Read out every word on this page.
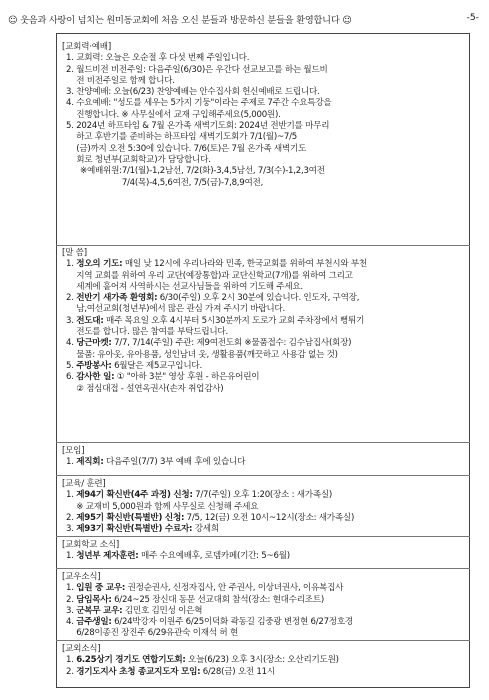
☺ 웃음과 사랑이 넘치는 원미동교회에 처음 오신 분들과 방문하신 분들을 환영합니다 ☺	-5-
[교회력·예배]
1. 교회력: 오늘은 오순절 후 다섯 번째 주일입니다.
2. 월드비전 비전주일: 다음주일(6/30)은 우간다 선교보고를 하는 월드비
전 비전주일로 함께 합니다.
3. 찬양예배: 오늘(6/23) 찬양예배는 안수집사회 헌신예배로 드립니다.
4. 수요예배: "성도를 세우는 5가지 기둥"이라는 주제로 7주간 수요특강을
진행합니다. ※ 사무실에서 교재 구입해주세요(5,000원).
5. 2024년 하프타임 & 7월 온가족 새벽기도회: 2024년 전반기를 마무리
하고 후반기를 준비하는 하프타임 새벽기도회가 7/1(월)~7/5
(금)까지 오전 5:30에 있습니다. 7/6(토)은 7월 온가족 새벽기도
회로 청년부(교회학교)가 담당합니다.
※예배위원: 7/1(월)-1,2남선, 7/2(화)-3,4,5남선, 7/3(수)-1,2,3여전
7/4(목)-4,5,6여전, 7/5(금)-7,8,9여전,
[말 씀]
1. 정오의 기도: 매일 낮 12시에 우리나라와 민족, 한국교회를 위하여 부천시와 부천
지역 교회를 위하여 우리 교단(예장통합)과 교단신학교(7개)를 위하여 그리고
세계에 흩어져 사역하시는 선교사님들을 위하여 기도해 주세요.
2. 전반기 새가족 환영회: 6/30(주일) 오후 2시 30분에 있습니다. 인도자, 구역장,
남,여선교회(청년부)에서 많은 관심 가져 주시기 바랍니다.
3. 전도대: 매주 목요일 오후 4시부터 5시30분까지 도로가 교회 주차장에서 뻥튀기
전도를 합니다. 많은 참여를 부탁드립니다.
4. 당근마켓: 7/7, 7/14(주일) 주관: 제9여전도회 ※물품접수: 김수남집사(회장)
물품: 유아옷, 유아용품, 성인남녀 옷, 생활용품(깨끗하고 사용감 없는 것)
5. 주방봉사: 6월달은 제5교구입니다.
6. 감사한 일: ① "아하 3분" 영상 후원 - 하은유어린이
② 점심대접 - 설연옥권사(손자 취업감사)
[모임]
1. 제직회: 다음주일(7/7) 3부 예배 후에 있습니다
[교육/ 훈련]
1. 제94기 확신반(4주 과정) 신청: 7/7(주일) 오후 1:20(장소 : 새가족실)
※ 교재비 5,000원과 함께 사무실로 신청해 주세요
2. 제95기 확신반(특별반) 신청: 7/5, 12(금) 오전 10시~12시(장소: 새가족실)
3. 제93기 확신반(특별반) 수료자: 강세희
[교회학교 소식]
1. 청년부 제자훈련: 매주 수요예배후, 로뎀카페(기간: 5~6월)
[교우소식]
1. 입원 중 교우: 권정순권사, 신정자집사, 안 주권사, 이상녀권사, 이유복집사
2. 담임목사: 6/24~25 장신대 동문 선교대회 참석(장소: 현대수리조트)
3. 군복무 교우: 김민호 김민성 이은혁
4. 금주생일: 6/24박강자 이원주 6/25이덕화 곽동길 김중광 변정현 6/27정호경
6/28이종진 장진주 6/29유관숙 이재석 허 현
[교외소식]
1. 6.25상기 경기도 연합기도회: 오늘(6/23) 오후 3시(장소: 오산리기도원)
2. 경기도지사 초청 종교지도자 모임: 6/28(금) 오전 11시
